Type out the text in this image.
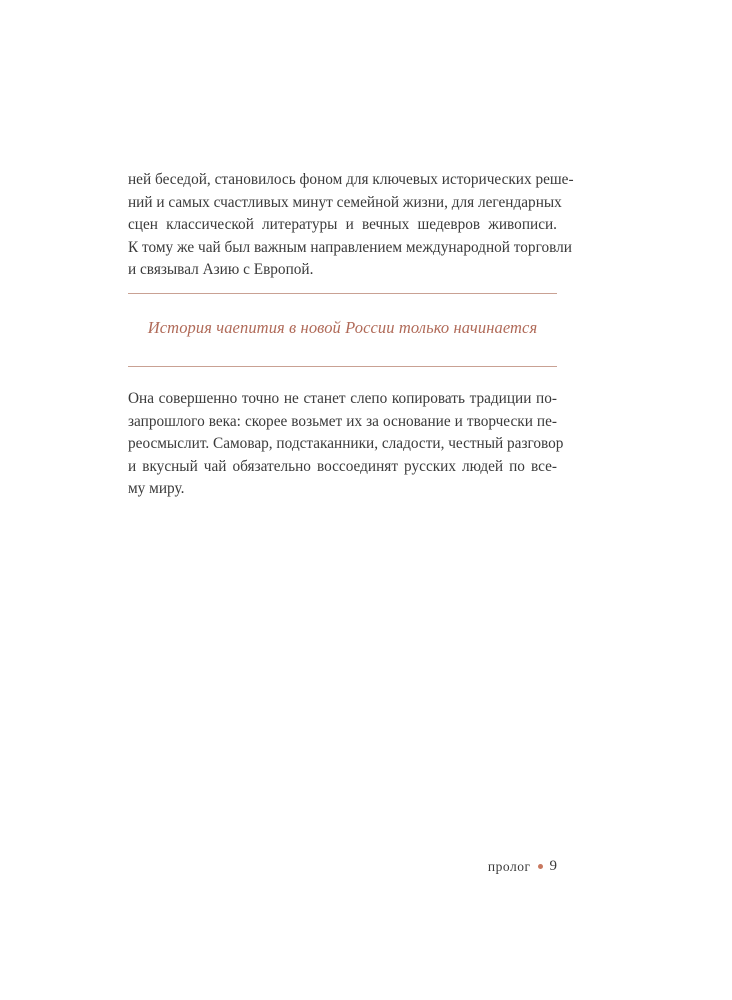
ней беседой, становилось фоном для ключевых исторических реше-
ний и самых счастливых минут семейной жизни, для легендарных
сцен классической литературы и вечных шедевров живописи.
К тому же чай был важным направлением международной торговли
и связывал Азию с Европой.
История чаепития в новой России только начинается
Она совершенно точно не станет слепо копировать традиции по-
запрошлого века: скорее возьмет их за основание и творчески пе-
реосмыслит. Самовар, подстаканники, сладости, честный разговор
и вкусный чай обязательно воссоединят русских людей по все-
му миру.
пролог 9
